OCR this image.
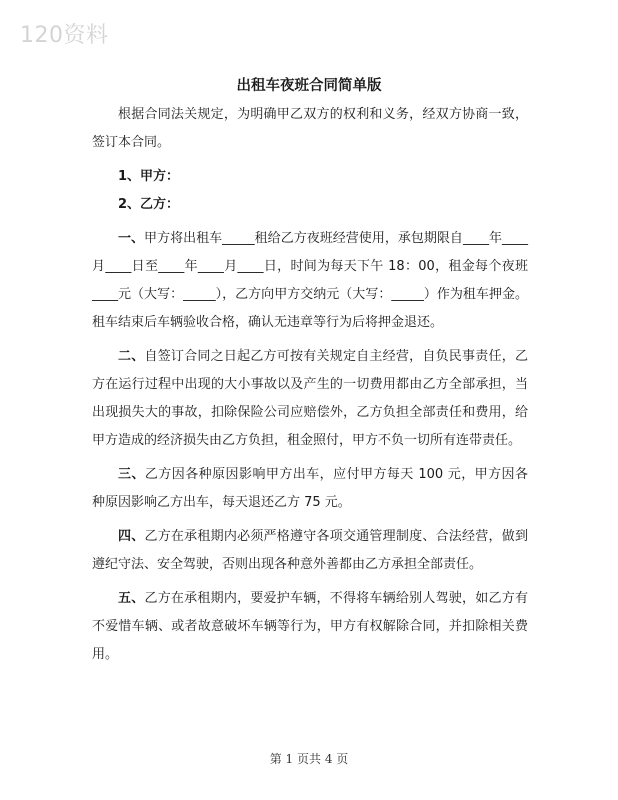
120资料
出租车夜班合同简单版

根据合同法关规定，为明确甲乙双方的权利和义务，经双方协商一致，签订本合同。

1、甲方：

2、乙方：

一、甲方将出租车_____租给乙方夜班经营使用，承包期限自____年____月____日至____年____月____日，时间为每天下午 18：00，租金每个夜班____元（大写：_____），乙方向甲方交纳元（大写：_____）作为租车押金。租车结束后车辆验收合格，确认无违章等行为后将押金退还。

二、自签订合同之日起乙方可按有关规定自主经营，自负民事责任，乙方在运行过程中出现的大小事故以及产生的一切费用都由乙方全部承担，当出现损失大的事故，扣除保险公司应赔偿外，乙方负担全部责任和费用，给甲方造成的经济损失由乙方负担，租金照付，甲方不负一切所有连带责任。

三、乙方因各种原因影响甲方出车，应付甲方每天 100 元，甲方因各种原因影响乙方出车，每天退还乙方 75 元。

四、乙方在承租期内必须严格遵守各项交通管理制度、合法经营，做到遵纪守法、安全驾驶，否则出现各种意外善都由乙方承担全部责任。

五、乙方在承租期内，要爱护车辆，不得将车辆给别人驾驶，如乙方有不爱惜车辆、或者故意破坏车辆等行为，甲方有权解除合同，并扣除相关费用。

第 1 页共 4 页
